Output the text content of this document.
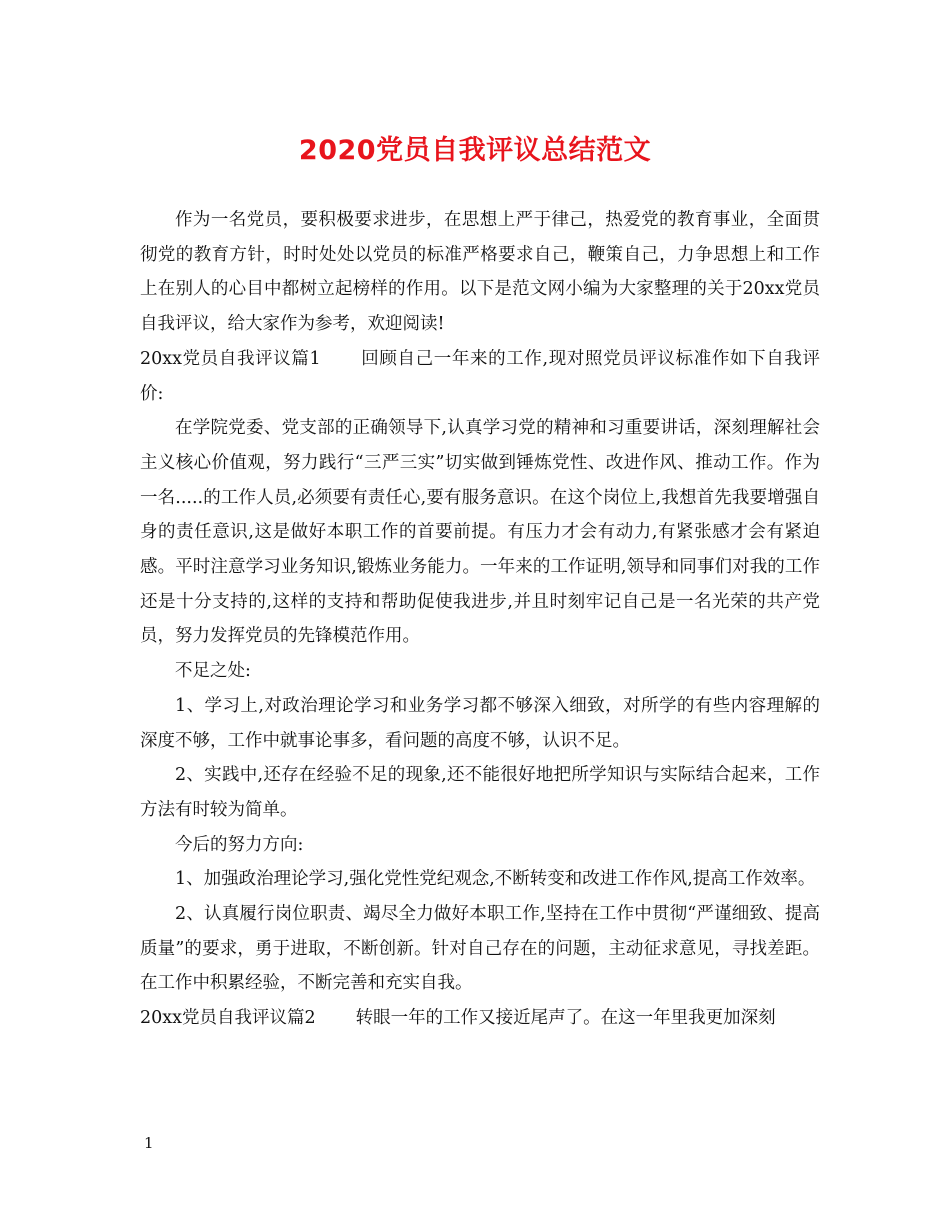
2020党员自我评议总结范文

作为一名党员，要积极要求进步，在思想上严于律己，热爱党的教育事业，全面贯彻党的教育方针，时时处处以党员的标准严格要求自己，鞭策自己，力争思想上和工作上在别人的心目中都树立起榜样的作用。以下是范文网小编为大家整理的关于20xx党员自我评议，给大家作为参考，欢迎阅读!

20xx党员自我评议篇1 回顾自己一年来的工作,现对照党员评议标准作如下自我评价:

在学院党委、党支部的正确领导下,认真学习党的精神和习重要讲话，深刻理解社会主义核心价值观，努力践行“三严三实”切实做到锤炼党性、改进作风、推动工作。作为一名.....的工作人员,必须要有责任心,要有服务意识。在这个岗位上,我想首先我要增强自身的责任意识,这是做好本职工作的首要前提。有压力才会有动力,有紧张感才会有紧迫感。平时注意学习业务知识,锻炼业务能力。一年来的工作证明,领导和同事们对我的工作还是十分支持的,这样的支持和帮助促使我进步,并且时刻牢记自己是一名光荣的共产党员，努力发挥党员的先锋模范作用。

不足之处:

1、学习上,对政治理论学习和业务学习都不够深入细致，对所学的有些内容理解的深度不够，工作中就事论事多，看问题的高度不够，认识不足。

2、实践中,还存在经验不足的现象,还不能很好地把所学知识与实际结合起来，工作方法有时较为简单。

今后的努力方向:

1、加强政治理论学习,强化党性党纪观念,不断转变和改进工作作风,提高工作效率。

2、认真履行岗位职责、竭尽全力做好本职工作,坚持在工作中贯彻“严谨细致、提高质量”的要求，勇于进取，不断创新。针对自己存在的问题，主动征求意见，寻找差距。在工作中积累经验，不断完善和充实自我。

20xx党员自我评议篇2 转眼一年的工作又接近尾声了。在这一年里我更加深刻

1
